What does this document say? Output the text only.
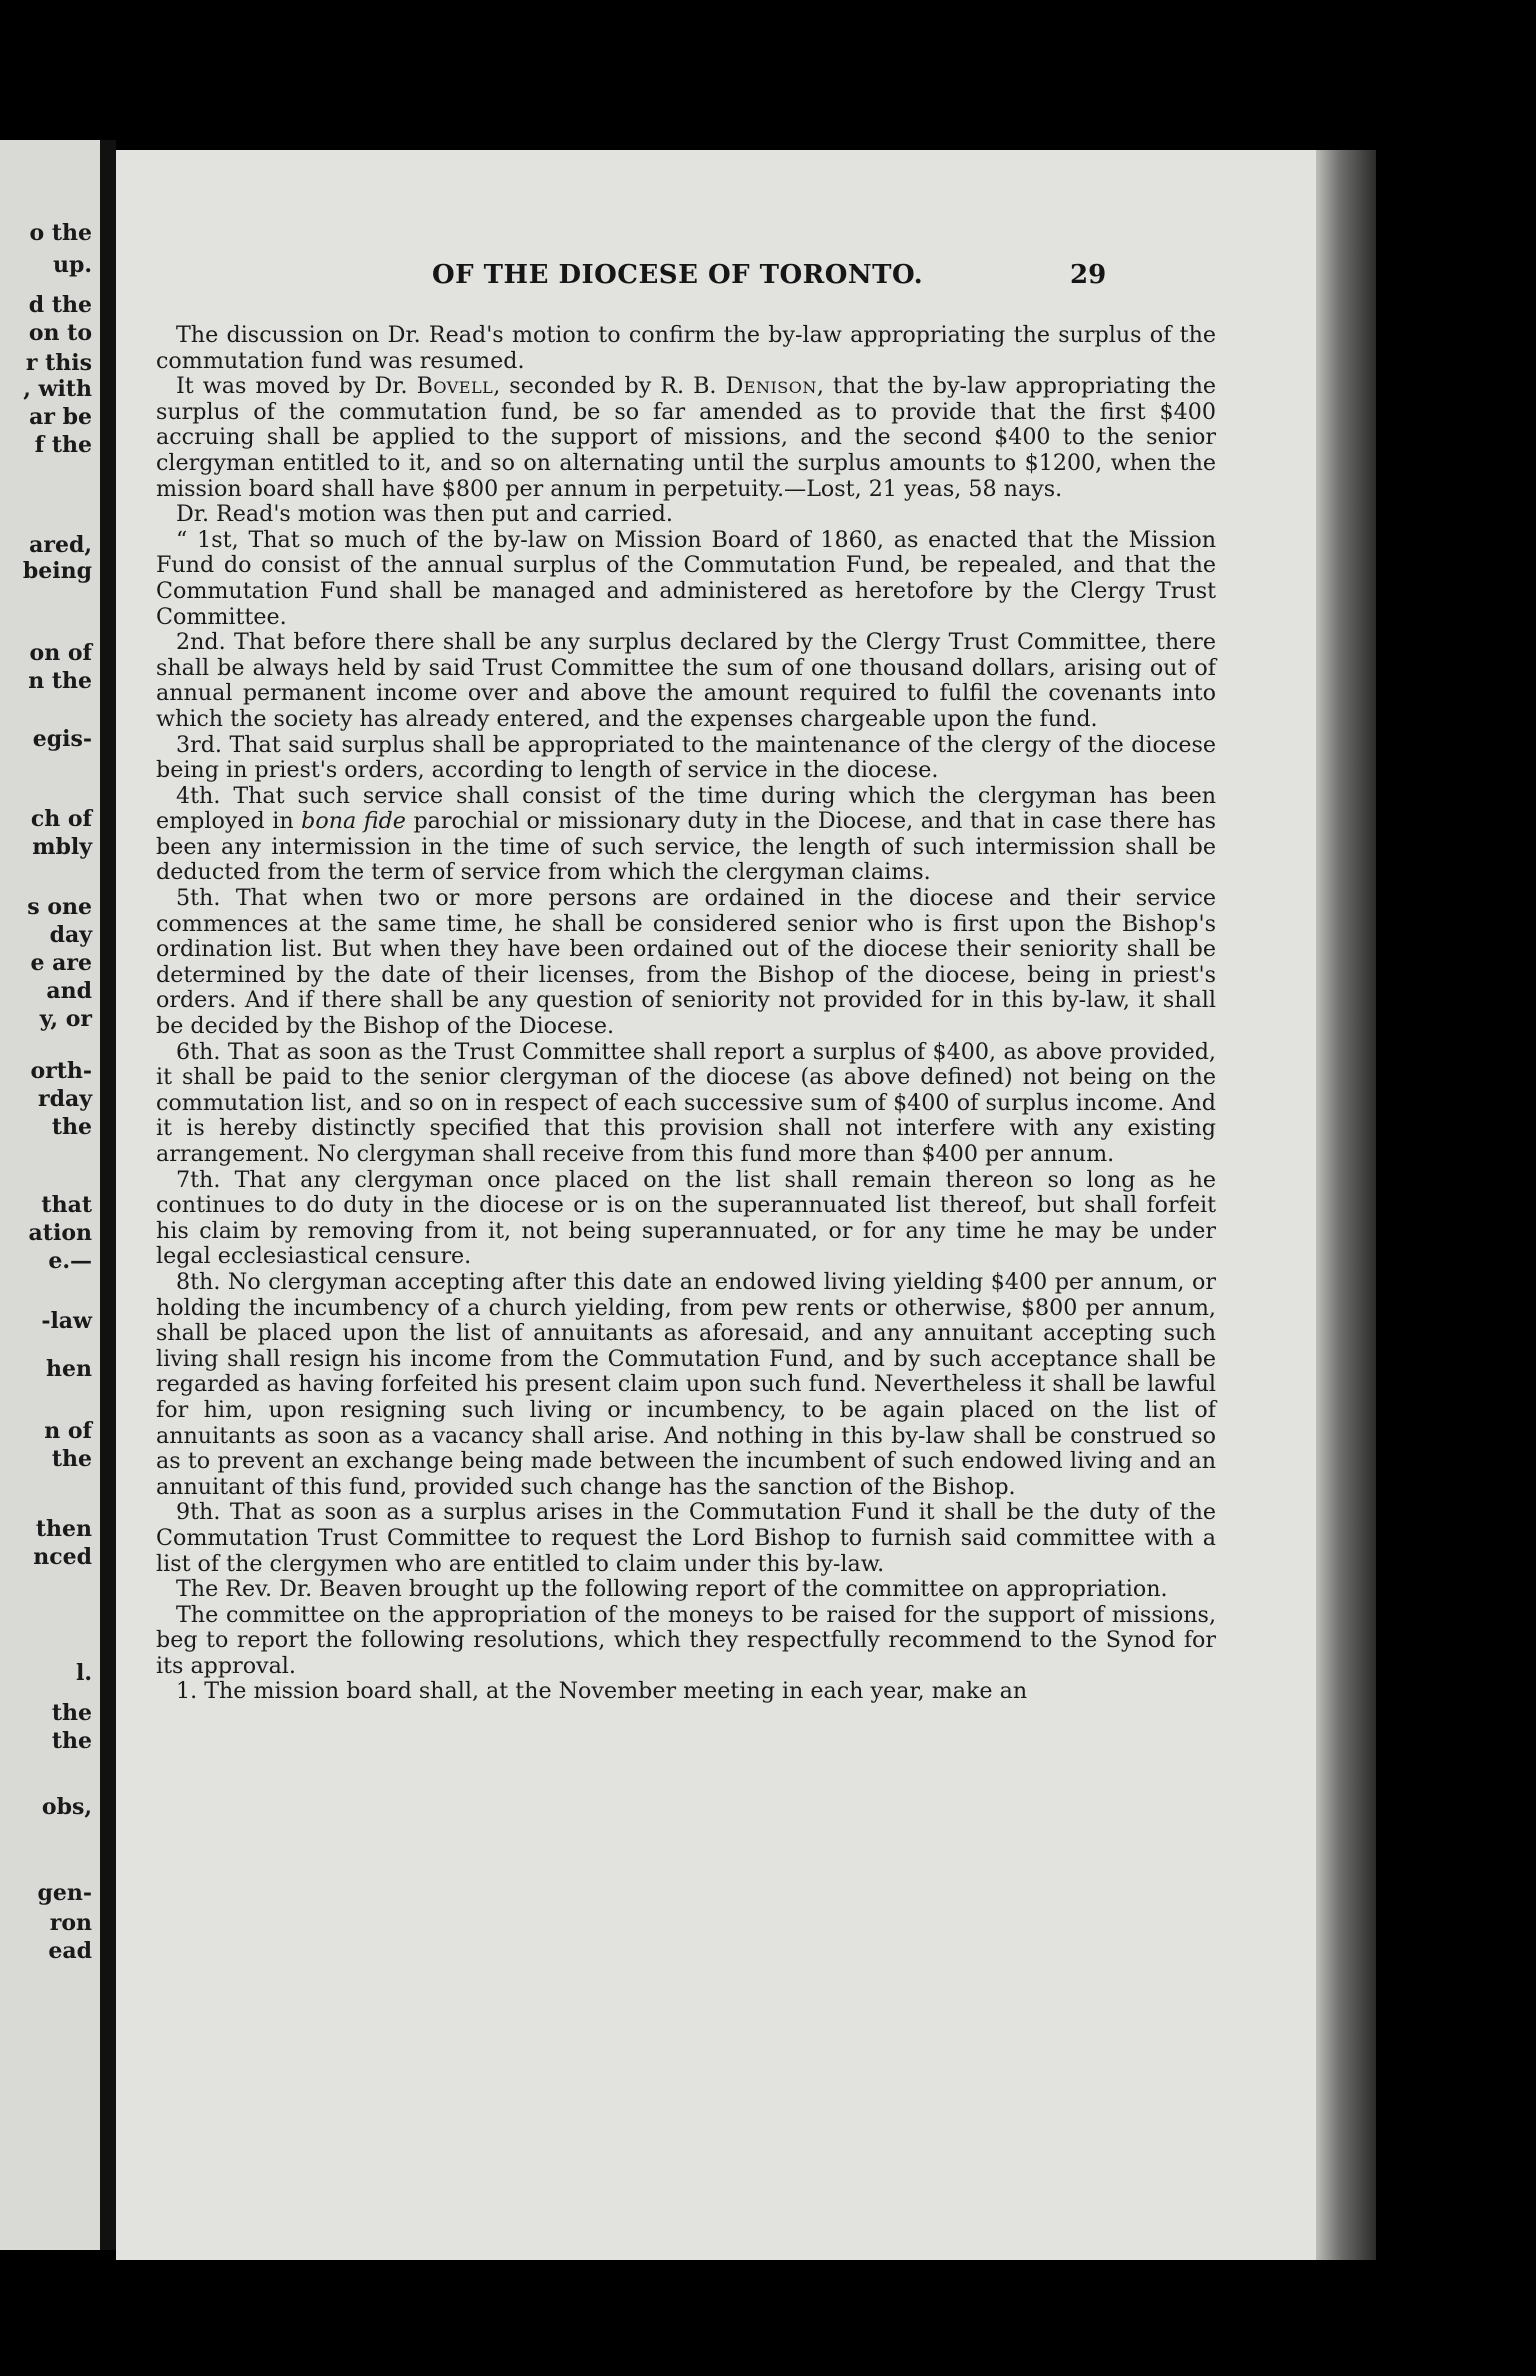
o the
up.
d the
on to
r this
, with
ar be
f the
ared,
being
on of
n the
egis-
ch of
mbly
s one
day
e are
and
y, or
orth-
rday
the
that
ation
e.—
-law
hen
n of
the
then
nced
l.
the
the
obs,
gen-
ron
ead
OF THE DIOCESE OF TORONTO.	29

The discussion on Dr. Read's motion to confirm the by-law appropriating the surplus of the commutation fund was resumed.

It was moved by Dr. Bovell, seconded by R. B. Denison, that the by-law appropriating the surplus of the commutation fund, be so far amended as to provide that the first $400 accruing shall be applied to the support of missions, and the second $400 to the senior clergyman entitled to it, and so on alternating until the surplus amounts to $1200, when the mission board shall have $800 per annum in perpetuity.—Lost, 21 yeas, 58 nays.

Dr. Read's motion was then put and carried.

“ 1st, That so much of the by-law on Mission Board of 1860, as enacted that the Mission Fund do consist of the annual surplus of the Commutation Fund, be repealed, and that the Commutation Fund shall be managed and administered as heretofore by the Clergy Trust Committee.

2nd. That before there shall be any surplus declared by the Clergy Trust Committee, there shall be always held by said Trust Committee the sum of one thousand dollars, arising out of annual permanent income over and above the amount required to fulfil the covenants into which the society has already entered, and the expenses chargeable upon the fund.

3rd. That said surplus shall be appropriated to the maintenance of the clergy of the diocese being in priest's orders, according to length of service in the diocese.

4th. That such service shall consist of the time during which the clergyman has been employed in bona fide parochial or missionary duty in the Diocese, and that in case there has been any intermission in the time of such service, the length of such intermission shall be deducted from the term of service from which the clergyman claims.

5th. That when two or more persons are ordained in the diocese and their service commences at the same time, he shall be considered senior who is first upon the Bishop's ordination list. But when they have been ordained out of the diocese their seniority shall be determined by the date of their licenses, from the Bishop of the diocese, being in priest's orders. And if there shall be any question of seniority not provided for in this by-law, it shall be decided by the Bishop of the Diocese.

6th. That as soon as the Trust Committee shall report a surplus of $400, as above provided, it shall be paid to the senior clergyman of the diocese (as above defined) not being on the commutation list, and so on in respect of each successive sum of $400 of surplus income. And it is hereby distinctly specified that this provision shall not interfere with any existing arrangement. No clergyman shall receive from this fund more than $400 per annum.

7th. That any clergyman once placed on the list shall remain thereon so long as he continues to do duty in the diocese or is on the superannuated list thereof, but shall forfeit his claim by removing from it, not being superannuated, or for any time he may be under legal ecclesiastical censure.

8th. No clergyman accepting after this date an endowed living yielding $400 per annum, or holding the incumbency of a church yielding, from pew rents or otherwise, $800 per annum, shall be placed upon the list of annuitants as aforesaid, and any annuitant accepting such living shall resign his income from the Commutation Fund, and by such acceptance shall be regarded as having forfeited his present claim upon such fund. Nevertheless it shall be lawful for him, upon resigning such living or incumbency, to be again placed on the list of annuitants as soon as a vacancy shall arise. And nothing in this by-law shall be construed so as to prevent an exchange being made between the incumbent of such endowed living and an annuitant of this fund, provided such change has the sanction of the Bishop.

9th. That as soon as a surplus arises in the Commutation Fund it shall be the duty of the Commutation Trust Committee to request the Lord Bishop to furnish said committee with a list of the clergymen who are entitled to claim under this by-law.

The Rev. Dr. Beaven brought up the following report of the committee on appropriation.

The committee on the appropriation of the moneys to be raised for the support of missions, beg to report the following resolutions, which they respectfully recommend to the Synod for its approval.

1. The mission board shall, at the November meeting in each year, make an
